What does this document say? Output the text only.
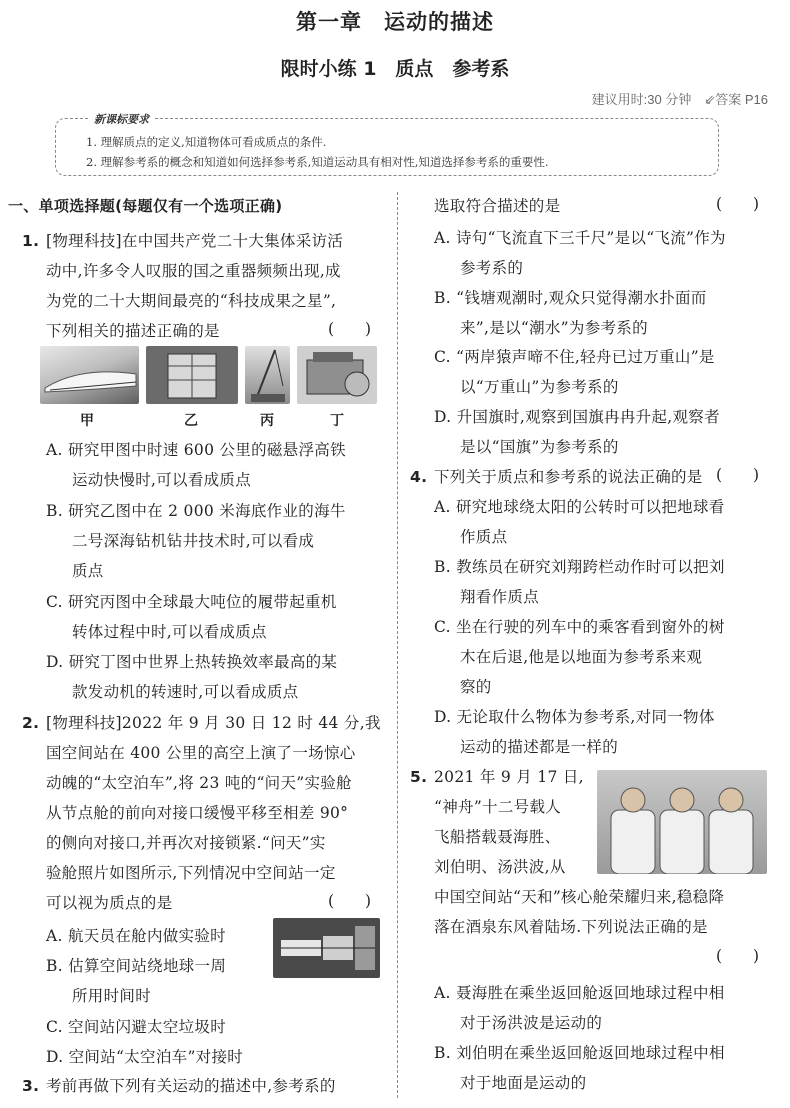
第一章　运动的描述
限时小练 1　质点　参考系
建议用时:30 分钟　⇙答案 P16
新课标要求
1. 理解质点的定义,知道物体可看成质点的条件.
2. 理解参考系的概念和知道如何选择参考系,知道运动具有相对性,知道选择参考系的重要性.
一、单项选择题(每题仅有一个选项正确)
1. [物理科技]在中国共产党二十大集体采访活
动中,许多令人叹服的国之重器频频出现,成
为党的二十大期间最亮的“科技成果之星”,
下列相关的描述正确的是	(　　)
甲	乙	丙	丁
A. 研究甲图中时速 600 公里的磁悬浮高铁
运动快慢时,可以看成质点
B. 研究乙图中在 2 000 米海底作业的海牛
二号深海钻机钻井技术时,可以看成
质点
C. 研究丙图中全球最大吨位的履带起重机
转体过程中时,可以看成质点
D. 研究丁图中世界上热转换效率最高的某
款发动机的转速时,可以看成质点
2. [物理科技]2022 年 9 月 30 日 12 时 44 分,我
国空间站在 400 公里的高空上演了一场惊心
动魄的“太空泊车”,将 23 吨的“问天”实验舱
从节点舱的前向对接口缓慢平移至相差 90°
的侧向对接口,并再次对接锁紧.“问天”实
验舱照片如图所示,下列情况中空间站一定
可以视为质点的是	(　　)
A. 航天员在舱内做实验时
B. 估算空间站绕地球一周
所用时间时
C. 空间站闪避太空垃圾时
D. 空间站“太空泊车”对接时
3. 考前再做下列有关运动的描述中,参考系的
选取符合描述的是	(　　)
A. 诗句“飞流直下三千尺”是以“飞流”作为
参考系的
B. “钱塘观潮时,观众只觉得潮水扑面而
来”,是以“潮水”为参考系的
C. “两岸猿声啼不住,轻舟已过万重山”是
以“万重山”为参考系的
D. 升国旗时,观察到国旗冉冉升起,观察者
是以“国旗”为参考系的
4. 下列关于质点和参考系的说法正确的是 (　　)
A. 研究地球绕太阳的公转时可以把地球看
作质点
B. 教练员在研究刘翔跨栏动作时可以把刘
翔看作质点
C. 坐在行驶的列车中的乘客看到窗外的树
木在后退,他是以地面为参考系来观
察的
D. 无论取什么物体为参考系,对同一物体
运动的描述都是一样的
5. 2021 年 9 月 17 日,
“神舟”十二号载人
飞船搭载聂海胜、
刘伯明、汤洪波,从
中国空间站“天和”核心舱荣耀归来,稳稳降
落在酒泉东风着陆场.下列说法正确的是
(　　)
A. 聂海胜在乘坐返回舱返回地球过程中相
对于汤洪波是运动的
B. 刘伯明在乘坐返回舱返回地球过程中相
对于地面是运动的
